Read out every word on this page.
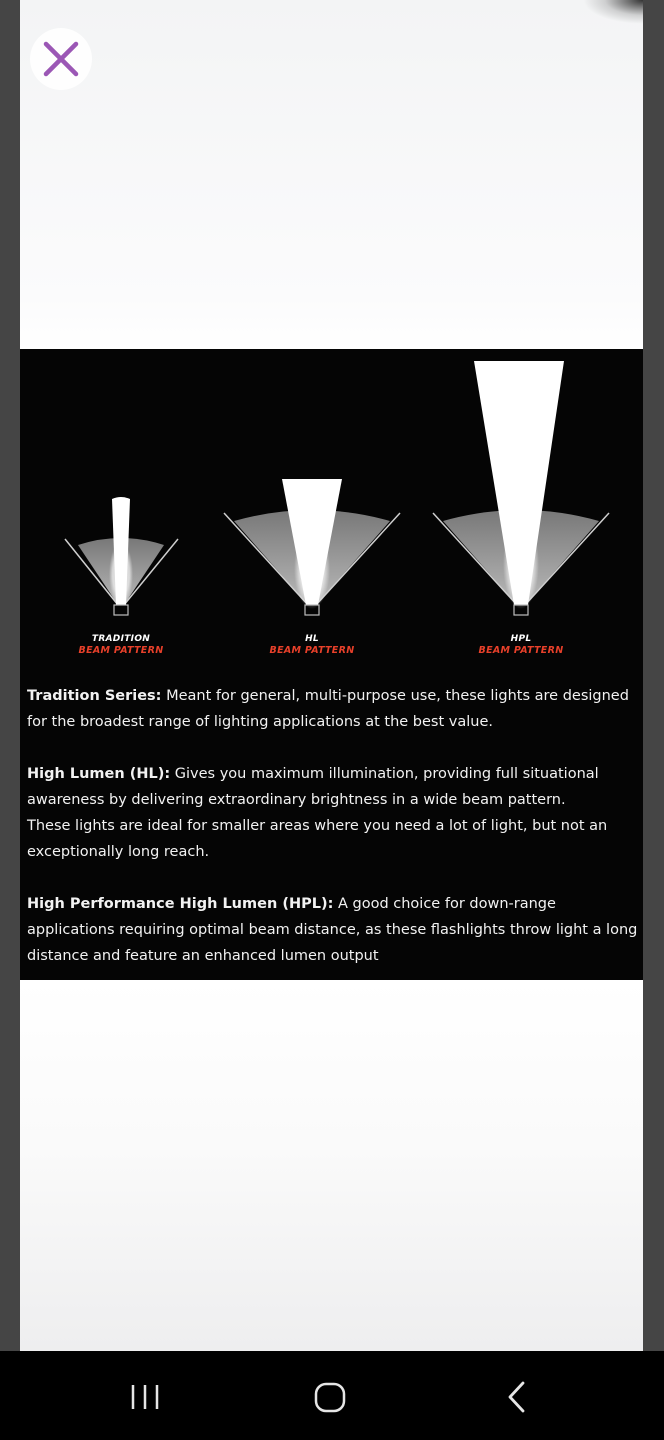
TRADITION
BEAM PATTERN
HL
BEAM PATTERN
HPL
BEAM PATTERN

Tradition Series: Meant for general, multi-purpose use, these lights are designed for the broadest range of lighting applications at the best value.

High Lumen (HL): Gives you maximum illumination, providing full situational awareness by delivering extraordinary brightness in a wide beam pattern.
These lights are ideal for smaller areas where you need a lot of light, but not an exceptionally long reach.

High Performance High Lumen (HPL): A good choice for down-range applications requiring optimal beam distance, as these flashlights throw light a long distance and feature an enhanced lumen output
